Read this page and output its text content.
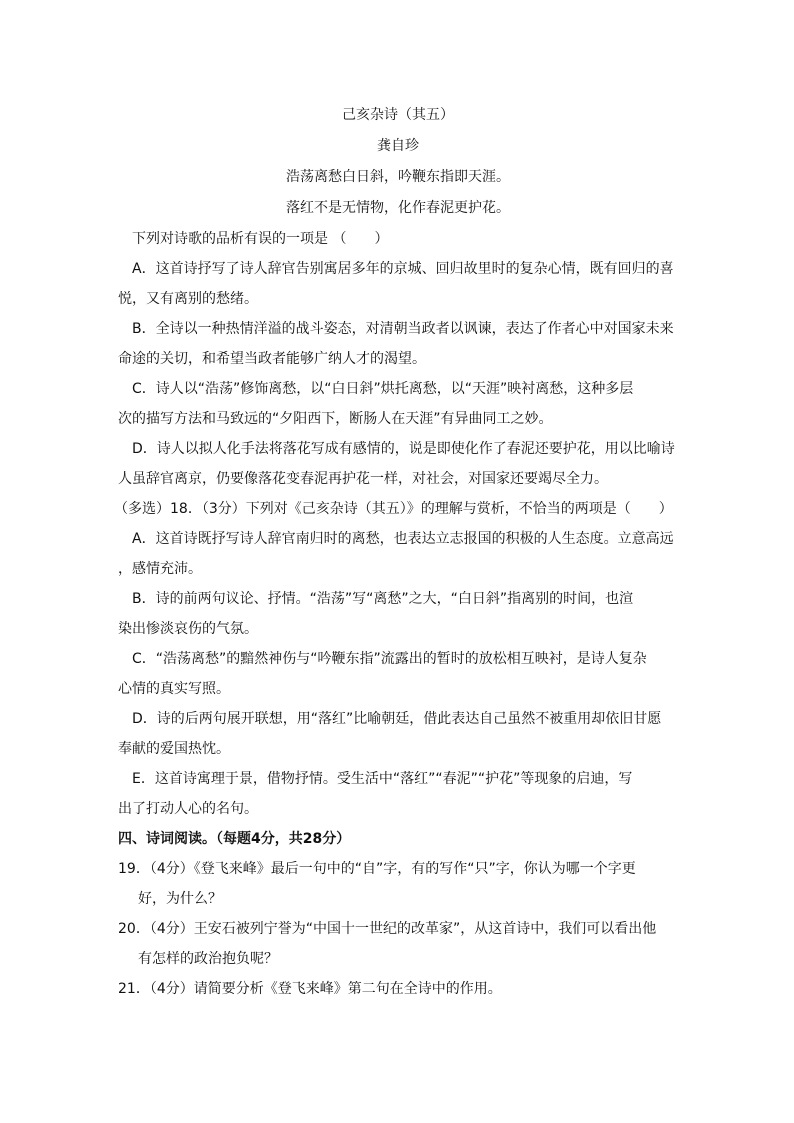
己亥杂诗（其五）
龚自珍
浩荡离愁白日斜，吟鞭东指即天涯。
落红不是无情物，化作春泥更护花。
下列对诗歌的品析有误的一项是 （　　）
A．这首诗抒写了诗人辞官告别寓居多年的京城、回归故里时的复杂心情，既有回归的喜
悦，又有离别的愁绪。
B．全诗以一种热情洋溢的战斗姿态，对清朝当政者以讽谏，表达了作者心中对国家未来
命途的关切，和希望当政者能够广纳人才的渴望。
C．诗人以“浩荡”修饰离愁，以“白日斜”烘托离愁，以“天涯”映衬离愁，这种多层
次的描写方法和马致远的“夕阳西下，断肠人在天涯”有异曲同工之妙。
D．诗人以拟人化手法将落花写成有感情的，说是即使化作了春泥还要护花，用以比喻诗
人虽辞官离京，仍要像落花变春泥再护花一样，对社会，对国家还要竭尽全力。
（多选）18．（3分）下列对《己亥杂诗（其五）》的理解与赏析，不恰当的两项是（　　）
A．这首诗既抒写诗人辞官南归时的离愁，也表达立志报国的积极的人生态度。立意高远
，感情充沛。
B．诗的前两句议论、抒情。“浩荡”写“离愁”之大，“白日斜”指离别的时间，也渲
染出惨淡哀伤的气氛。
C．“浩荡离愁”的黯然神伤与“吟鞭东指”流露出的暂时的放松相互映衬，是诗人复杂
心情的真实写照。
D．诗的后两句展开联想，用“落红”比喻朝廷，借此表达自己虽然不被重用却依旧甘愿
奉献的爱国热忱。
E．这首诗寓理于景，借物抒情。受生活中“落红”“春泥”“护花”等现象的启迪，写
出了打动人心的名句。
四、诗词阅读。（每题4分，共28分）
19．（4分）《登飞来峰》最后一句中的“自”字，有的写作“只”字，你认为哪一个字更
好，为什么？
20．（4分）王安石被列宁誉为“中国十一世纪的改革家”，从这首诗中，我们可以看出他
有怎样的政治抱负呢？
21．（4分）请简要分析《登飞来峰》第二句在全诗中的作用。
